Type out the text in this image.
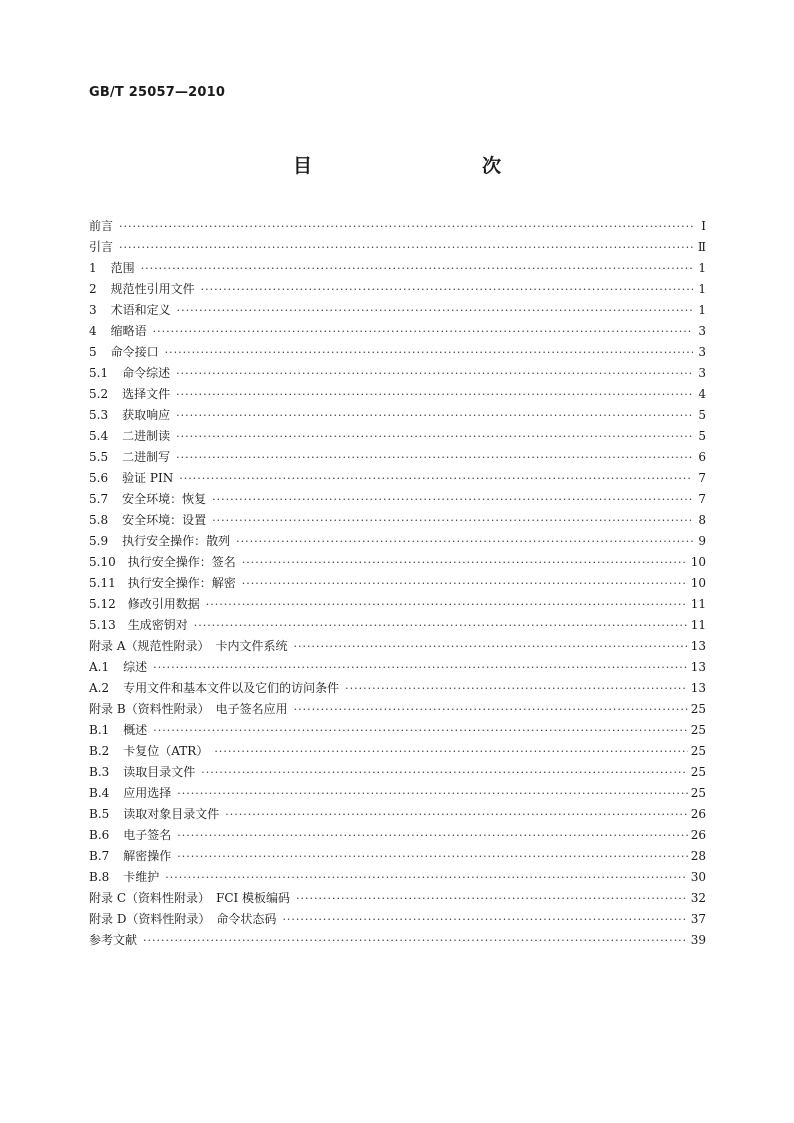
GB/T 25057—2010
目　　次
前言 ·····	Ⅰ
引言 ·····	Ⅱ
1 范围 ·····	1
2 规范性引用文件 ·····	1
3 术语和定义 ·····	1
4 缩略语 ·····	3
5 命令接口 ·····	3
5.1 命令综述 ·····	3
5.2 选择文件 ·····	4
5.3 获取响应 ·····	5
5.4 二进制读 ·····	5
5.5 二进制写 ·····	6
5.6 验证 PIN ·····	7
5.7 安全环境：恢复 ·····	7
5.8 安全环境：设置 ·····	8
5.9 执行安全操作：散列 ·····	9
5.10 执行安全操作：签名 ·····	10
5.11 执行安全操作：解密 ·····	10
5.12 修改引用数据 ·····	11
5.13 生成密钥对 ·····	11
附录 A（规范性附录）　卡内文件系统 ·····	13
A.1 综述 ·····	13
A.2 专用文件和基本文件以及它们的访问条件 ·····	13
附录 B（资料性附录）　电子签名应用 ·····	25
B.1 概述 ·····	25
B.2 卡复位（ATR） ·····	25
B.3 读取目录文件 ·····	25
B.4 应用选择 ·····	25
B.5 读取对象目录文件 ·····	26
B.6 电子签名 ·····	26
B.7 解密操作 ·····	28
B.8 卡维护 ·····	30
附录 C（资料性附录）　FCI 模板编码 ·····	32
附录 D（资料性附录）　命令状态码 ·····	37
参考文献 ·····	39
